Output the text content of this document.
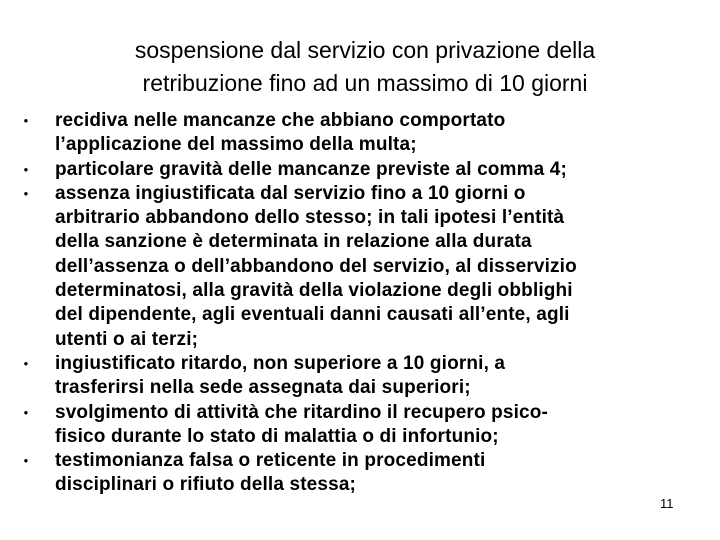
sospensione dal servizio con privazione della
retribuzione fino ad un massimo di 10 giorni
• recidiva nelle mancanze che abbiano comportato
l’applicazione del massimo della multa;
• particolare gravità delle mancanze previste al comma 4;
• assenza ingiustificata dal servizio fino a 10 giorni o
arbitrario abbandono dello stesso; in tali ipotesi l’entità
della sanzione è determinata in relazione alla durata
dell’assenza o dell’abbandono del servizio, al disservizio
determinatosi, alla gravità della violazione degli obblighi
del dipendente, agli eventuali danni causati all’ente, agli
utenti o ai terzi;
• ingiustificato ritardo, non superiore a 10 giorni, a
trasferirsi nella sede assegnata dai superiori;
• svolgimento di attività che ritardino il recupero psico-
fisico durante lo stato di malattia o di infortunio;
• testimonianza falsa o reticente in procedimenti
disciplinari o rifiuto della stessa;
11
